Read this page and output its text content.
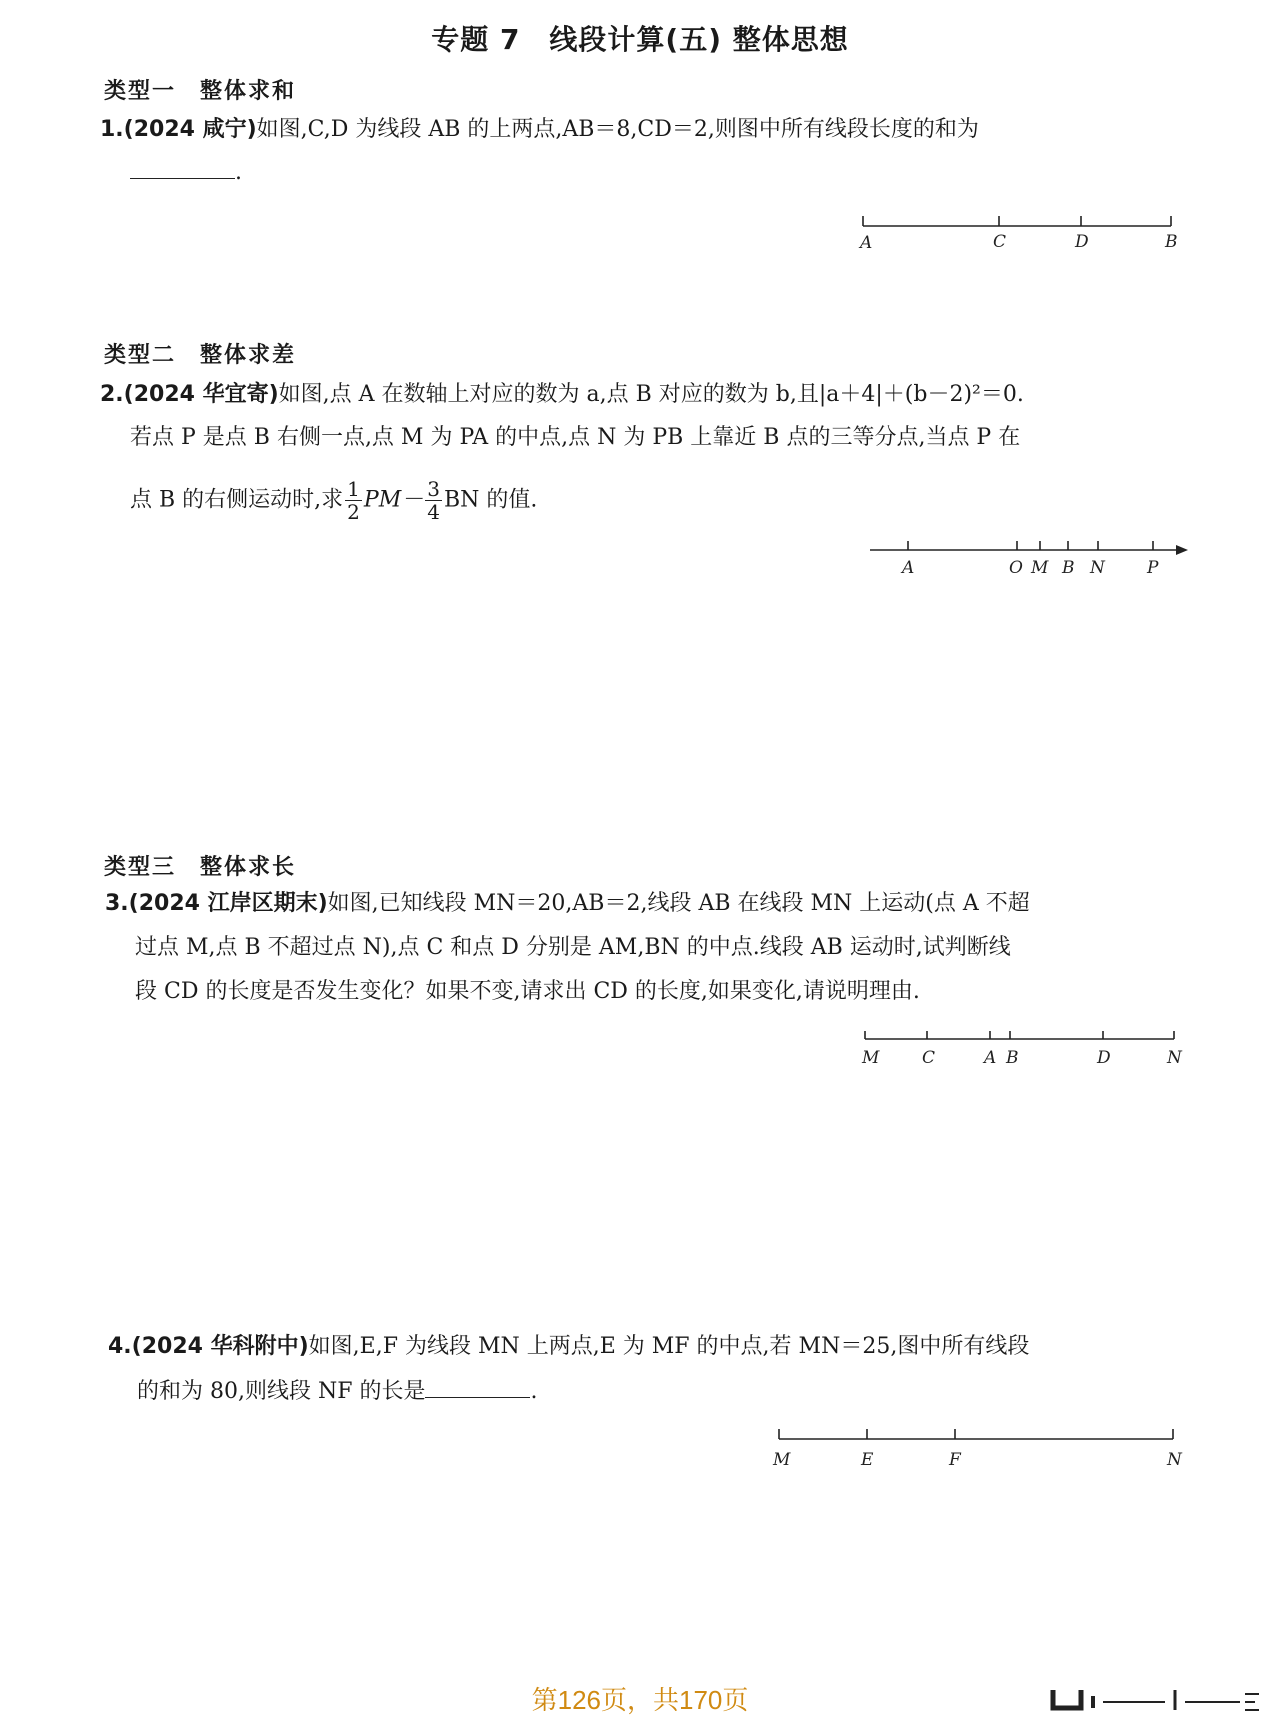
专题 7　线段计算(五) 整体思想
类型一　整体求和
1.(2024 咸宁)如图,C,D 为线段 AB 的上两点,AB＝8,CD＝2,则图中所有线段长度的和为
.
A	C	D	B
类型二　整体求差
2.(2024 华宜寄)如图,点 A 在数轴上对应的数为 a,点 B 对应的数为 b,且|a＋4|＋(b－2)²＝0.
若点 P 是点 B 右侧一点,点 M 为 PA 的中点,点 N 为 PB 上靠近 B 点的三等分点,当点 P 在
点 B 的右侧运动时,求 $\frac{1}{2} PM- \frac{3}{4}$ BN 的值.
A	O M B N P
类型三　整体求长
3.(2024 江岸区期末)如图,已知线段 MN＝20,AB＝2,线段 AB 在线段 MN 上运动(点 A 不超
过点 M,点 B 不超过点 N),点 C 和点 D 分别是 AM,BN 的中点.线段 AB 运动时,试判断线
段 CD 的长度是否发生变化？如果不变,请求出 CD 的长度,如果变化,请说明理由.
M	C	A B	D	N
4.(2024 华科附中)如图,E,F 为线段 MN 上两点,E 为 MF 的中点,若 MN＝25,图中所有线段
的和为 80,则线段 NF 的长是	.
M	E	F	N
第126页，共170页
